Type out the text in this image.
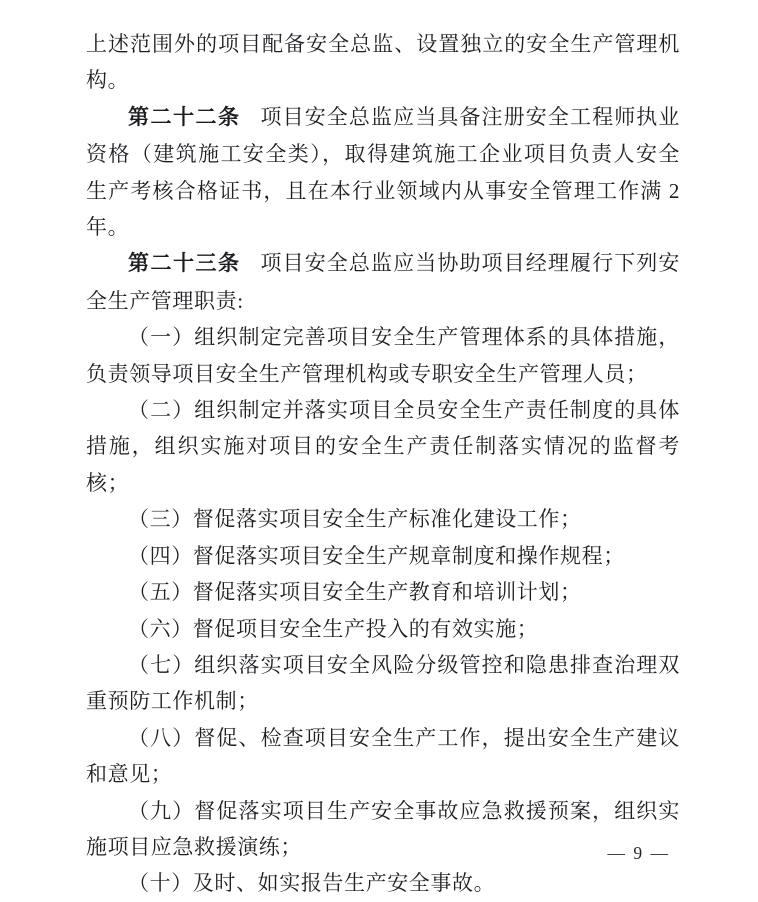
上述范围外的项目配备安全总监、设置独立的安全生产管理机构。

第二十二条 项目安全总监应当具备注册安全工程师执业资格（建筑施工安全类），取得建筑施工企业项目负责人安全生产考核合格证书，且在本行业领域内从事安全管理工作满 2 年。

第二十三条 项目安全总监应当协助项目经理履行下列安全生产管理职责:

（一）组织制定完善项目安全生产管理体系的具体措施，负责领导项目安全生产管理机构或专职安全生产管理人员；

（二）组织制定并落实项目全员安全生产责任制度的具体措施，组织实施对项目的安全生产责任制落实情况的监督考核；

（三）督促落实项目安全生产标准化建设工作；

（四）督促落实项目安全生产规章制度和操作规程；

（五）督促落实项目安全生产教育和培训计划；

（六）督促项目安全生产投入的有效实施；

（七）组织落实项目安全风险分级管控和隐患排查治理双重预防工作机制；

（八）督促、检查项目安全生产工作，提出安全生产建议和意见；

（九）督促落实项目生产安全事故应急救援预案，组织实施项目应急救援演练；

（十）及时、如实报告生产安全事故。

— 9 —
